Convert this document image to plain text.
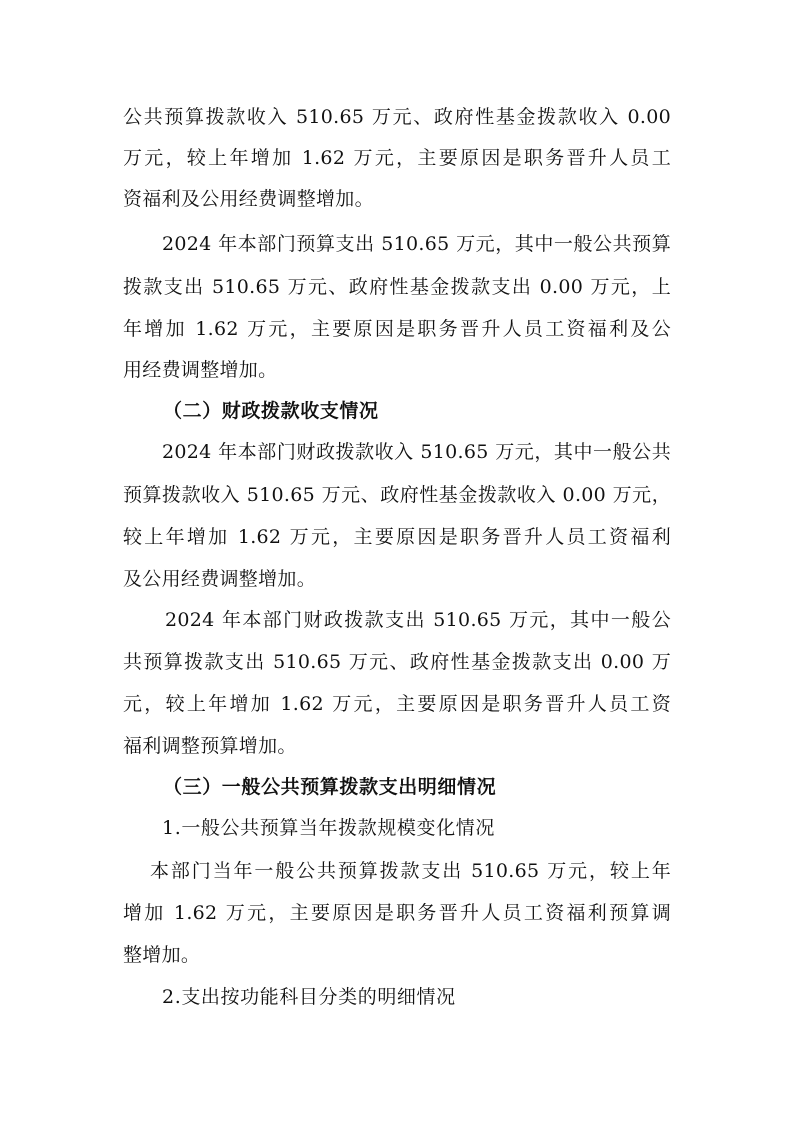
公共预算拨款收入 510.65 万元、政府性基金拨款收入 0.00
万元，较上年增加 1.62 万元，主要原因是职务晋升人员工
资福利及公用经费调整增加。
2024 年本部门预算支出 510.65 万元，其中一般公共预算
拨款支出 510.65 万元、政府性基金拨款支出 0.00 万元，上
年增加 1.62 万元，主要原因是职务晋升人员工资福利及公
用经费调整增加。
（二）财政拨款收支情况
2024 年本部门财政拨款收入 510.65 万元，其中一般公共
预算拨款收入 510.65 万元、政府性基金拨款收入 0.00 万元，
较上年增加 1.62 万元，主要原因是职务晋升人员工资福利
及公用经费调整增加。
2024 年本部门财政拨款支出 510.65 万元，其中一般公
共预算拨款支出 510.65 万元、政府性基金拨款支出 0.00 万
元，较上年增加 1.62 万元，主要原因是职务晋升人员工资
福利调整预算增加。
（三）一般公共预算拨款支出明细情况
1.一般公共预算当年拨款规模变化情况
本部门当年一般公共预算拨款支出 510.65 万元，较上年
增加 1.62 万元，主要原因是职务晋升人员工资福利预算调
整增加。
2.支出按功能科目分类的明细情况
